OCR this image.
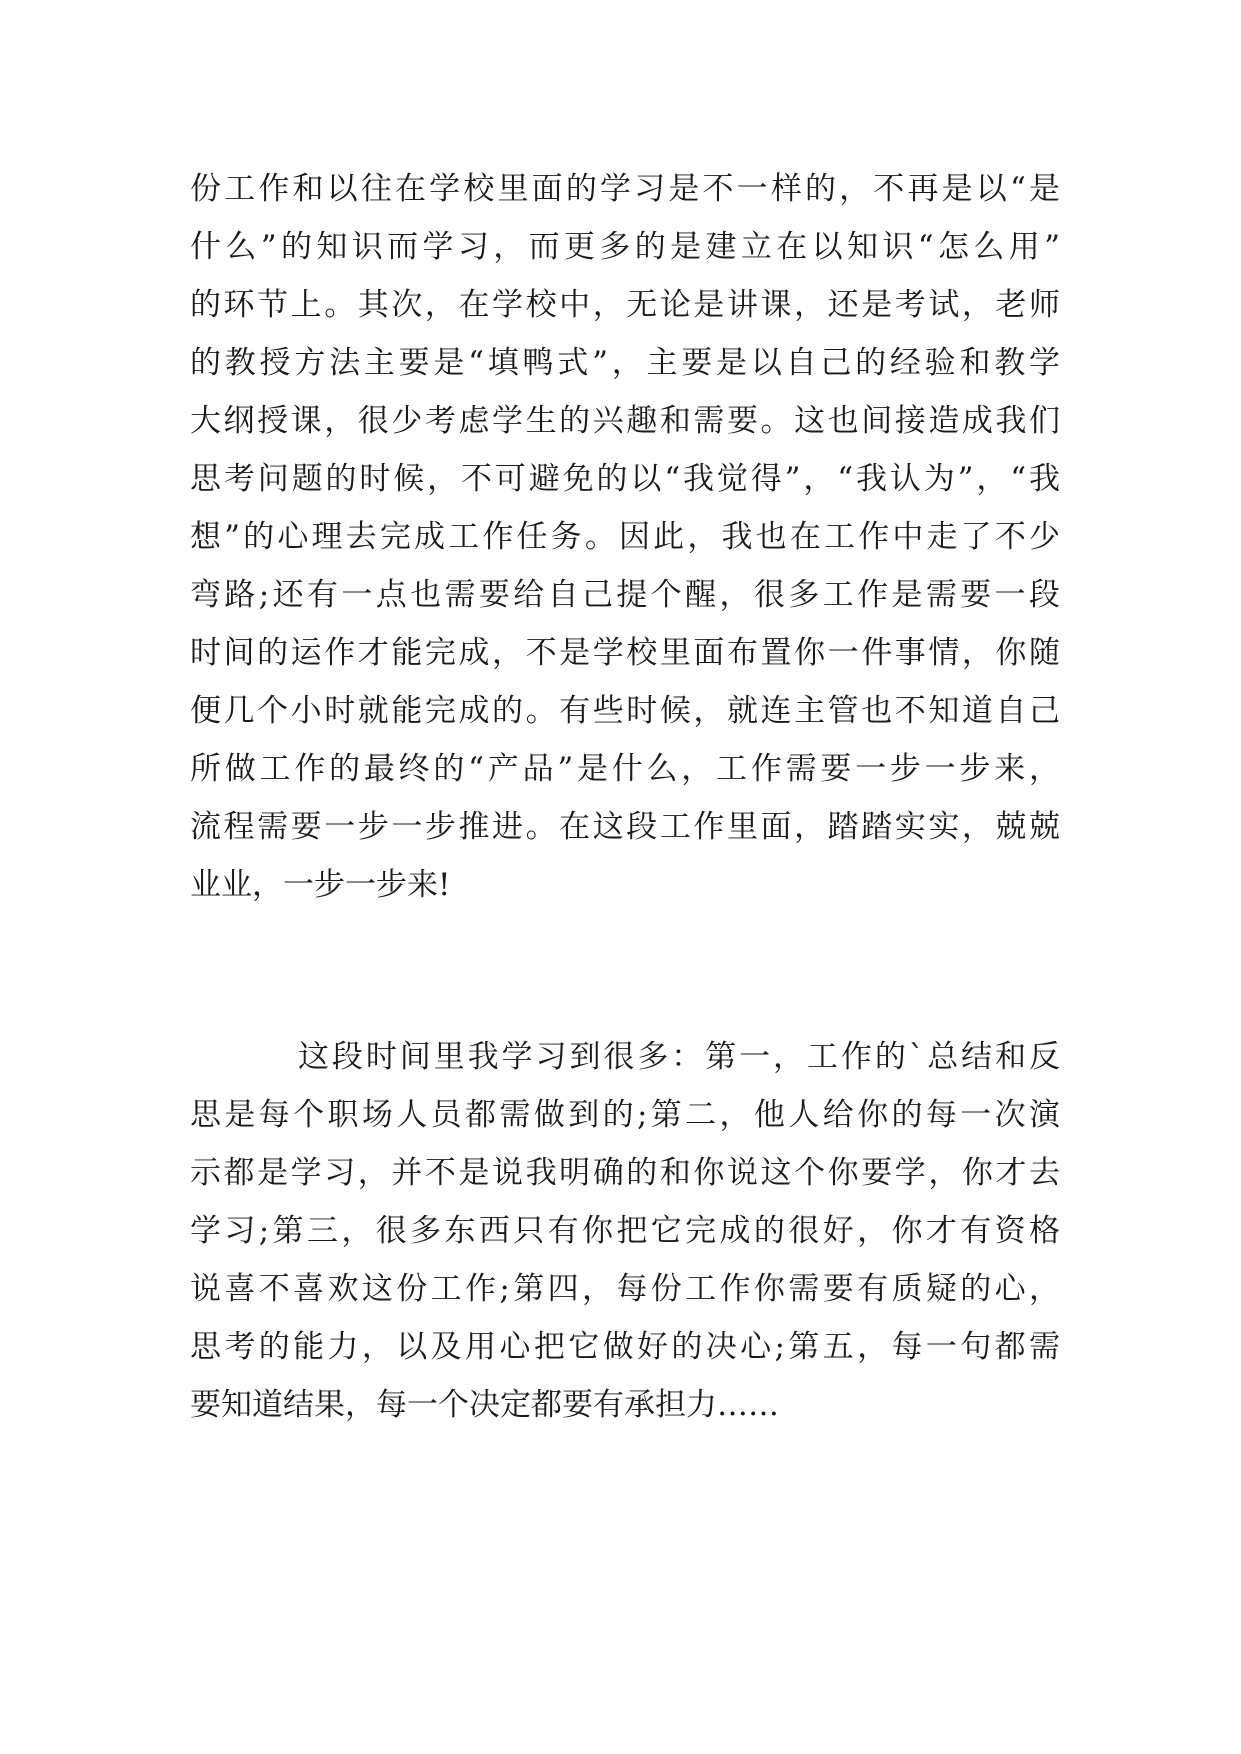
份工作和以往在学校里面的学习是不一样的，不再是以“是
什么”的知识而学习，而更多的是建立在以知识“怎么用”
的环节上。其次，在学校中，无论是讲课，还是考试，老师
的教授方法主要是“填鸭式”，主要是以自己的经验和教学
大纲授课，很少考虑学生的兴趣和需要。这也间接造成我们
思考问题的时候，不可避免的以“我觉得”，“我认为”，“我
想”的心理去完成工作任务。因此，我也在工作中走了不少
弯路;还有一点也需要给自己提个醒，很多工作是需要一段
时间的运作才能完成，不是学校里面布置你一件事情，你随
便几个小时就能完成的。有些时候，就连主管也不知道自己
所做工作的最终的“产品”是什么，工作需要一步一步来，
流程需要一步一步推进。在这段工作里面，踏踏实实，兢兢
业业，一步一步来!
这段时间里我学习到很多：第一，工作的`总结和反
思是每个职场人员都需做到的;第二，他人给你的每一次演
示都是学习，并不是说我明确的和你说这个你要学，你才去
学习;第三，很多东西只有你把它完成的很好，你才有资格
说喜不喜欢这份工作;第四，每份工作你需要有质疑的心，
思考的能力，以及用心把它做好的决心;第五，每一句都需
要知道结果，每一个决定都要有承担力……
